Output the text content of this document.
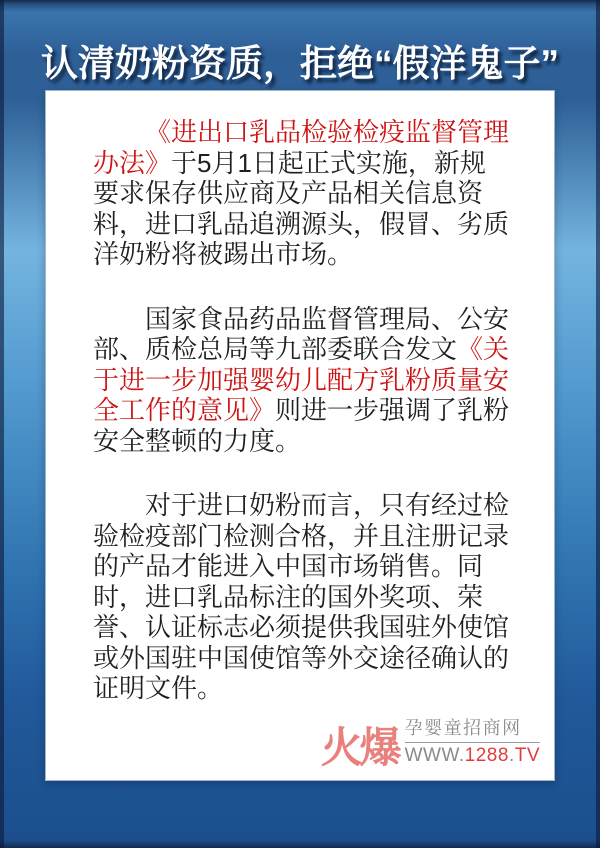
认清奶粉资质，拒绝“假洋鬼子”

《进出口乳品检验检疫监督管理办法》于5月1日起正式实施，新规要求保存供应商及产品相关信息资料，进口乳品追溯源头，假冒、劣质洋奶粉将被踢出市场。

国家食品药品监督管理局、公安部、质检总局等九部委联合发文《关于进一步加强婴幼儿配方乳粉质量安全工作的意见》则进一步强调了乳粉安全整顿的力度。

对于进口奶粉而言，只有经过检验检疫部门检测合格，并且注册记录的产品才能进入中国市场销售。同时，进口乳品标注的国外奖项、荣誉、认证标志必须提供我国驻外使馆或外国驻中国使馆等外交途径确认的证明文件。

火爆 孕婴童招商网
WWW.1288.TV
